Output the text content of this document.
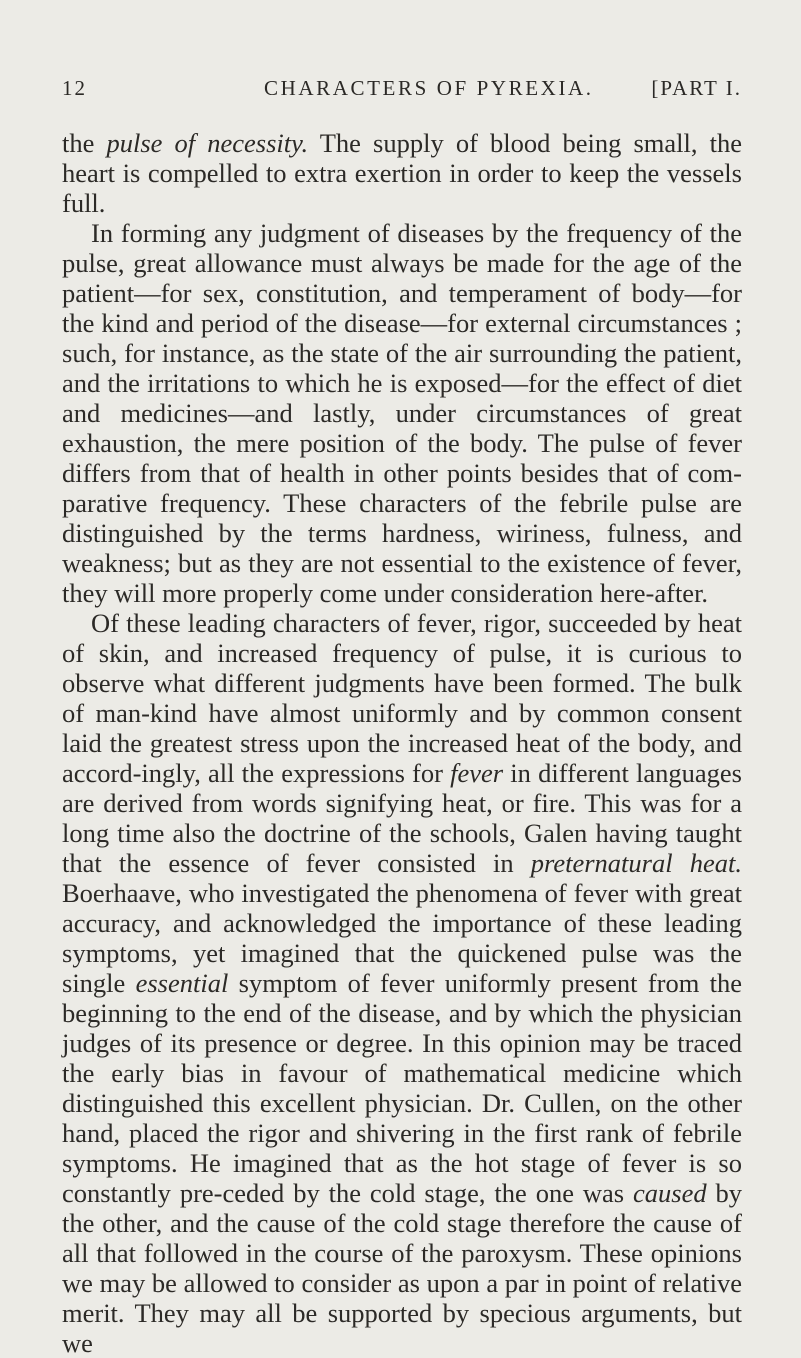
12	CHARACTERS OF PYREXIA.	[PART I.

the pulse of necessity. The supply of blood being small, the heart is compelled to extra exertion in order to keep the vessels full.

In forming any judgment of diseases by the frequency of the pulse, great allowance must always be made for the age of the patient—for sex, constitution, and temperament of body—for the kind and period of the disease—for external circumstances ; such, for instance, as the state of the air surrounding the patient, and the irritations to which he is exposed—for the effect of diet and medicines—and lastly, under circumstances of great exhaustion, the mere position of the body. The pulse of fever differs from that of health in other points besides that of com-parative frequency. These characters of the febrile pulse are distinguished by the terms hardness, wiriness, fulness, and weakness; but as they are not essential to the existence of fever, they will more properly come under consideration here-after.

Of these leading characters of fever, rigor, succeeded by heat of skin, and increased frequency of pulse, it is curious to observe what different judgments have been formed. The bulk of man-kind have almost uniformly and by common consent laid the greatest stress upon the increased heat of the body, and accord-ingly, all the expressions for fever in different languages are derived from words signifying heat, or fire. This was for a long time also the doctrine of the schools, Galen having taught that the essence of fever consisted in preternatural heat. Boerhaave, who investigated the phenomena of fever with great accuracy, and acknowledged the importance of these leading symptoms, yet imagined that the quickened pulse was the single essential symptom of fever uniformly present from the beginning to the end of the disease, and by which the physician judges of its presence or degree. In this opinion may be traced the early bias in favour of mathematical medicine which distinguished this excellent physician. Dr. Cullen, on the other hand, placed the rigor and shivering in the first rank of febrile symptoms. He imagined that as the hot stage of fever is so constantly pre-ceded by the cold stage, the one was caused by the other, and the cause of the cold stage therefore the cause of all that followed in the course of the paroxysm. These opinions we may be allowed to consider as upon a par in point of relative merit. They may all be supported by specious arguments, but we
